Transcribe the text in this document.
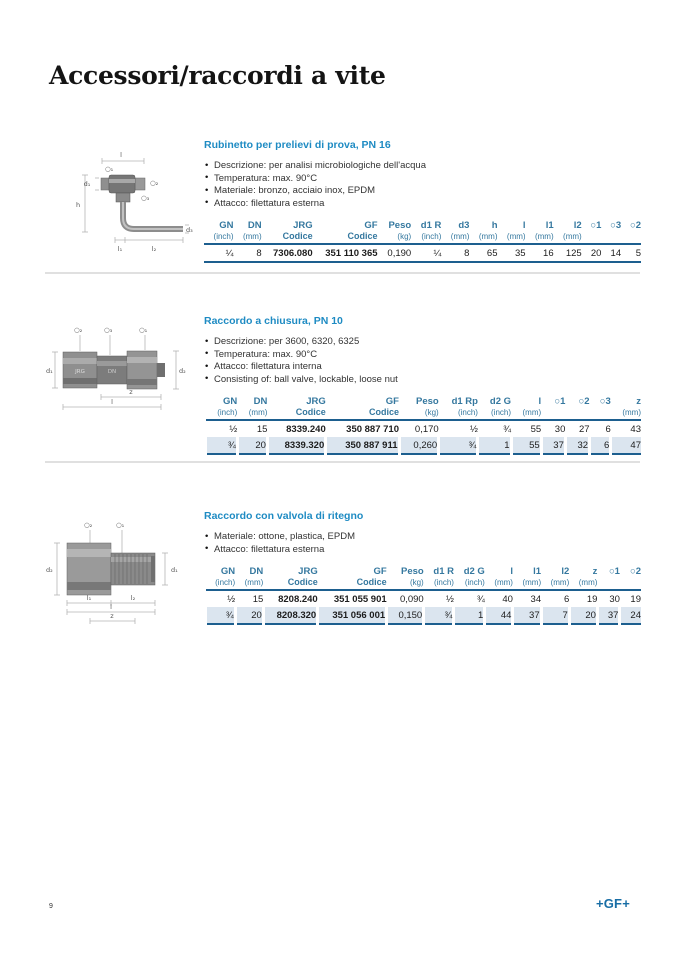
Accessori/raccordi a vite
l
○₁
d₁	○₂
○₃
h
d₃
l₁	l₂
Rubinetto per prelievi di prova, PN 16
• Descrizione: per analisi microbiologiche dell'acqua
• Temperatura: max. 90°C
• Materiale: bronzo, acciaio inox, EPDM
• Attacco: filettatura esterna
GN	DN	JRG	GF	Peso	d1 R	d3	h	l	l1	l2	○1	○3	○2
(inch)	(mm)	Codice	Codice	(kg)	(inch)	(mm)	(mm)	(mm)	(mm)	(mm)			
¼	8	7306.080	351 110 365	0,190	¼	8	65	35	16	125	20	14	5
○₂	○₃	○₁
d₁	d₂
z
l
JRG	DN
Raccordo a chiusura, PN 10
• Descrizione: per 3600, 6320, 6325
• Temperatura: max. 90°C
• Attacco: filettatura interna
• Consisting of: ball valve, lockable, loose nut
GN	DN	JRG	GF	Peso	d1 Rp	d2 G	l	○1	○2	○3	z
(inch)	(mm)	Codice	Codice	(kg)	(inch)	(inch)	(mm)				(mm)
½	15	8339.240	350 887 710	0,170	½	¾	55	30	27	6	43
¾	20	8339.320	350 887 911	0,260	¾	1	55	37	32	6	47
○₂	○₁
d₂	d₁
l₁	l₂
l
z
Raccordo con valvola di ritegno
• Materiale: ottone, plastica, EPDM
• Attacco: filettatura esterna
GN	DN	JRG	GF	Peso	d1 R	d2 G	l	l1	l2	z	○1	○2
(inch)	(mm)	Codice	Codice	(kg)	(inch)	(inch)	(mm)	(mm)	(mm)	(mm)		
½	15	8208.240	351 055 901	0,090	½	¾	40	34	6	19	30	19
¾	20	8208.320	351 056 001	0,150	¾	1	44	37	7	20	37	24
9	+GF+
